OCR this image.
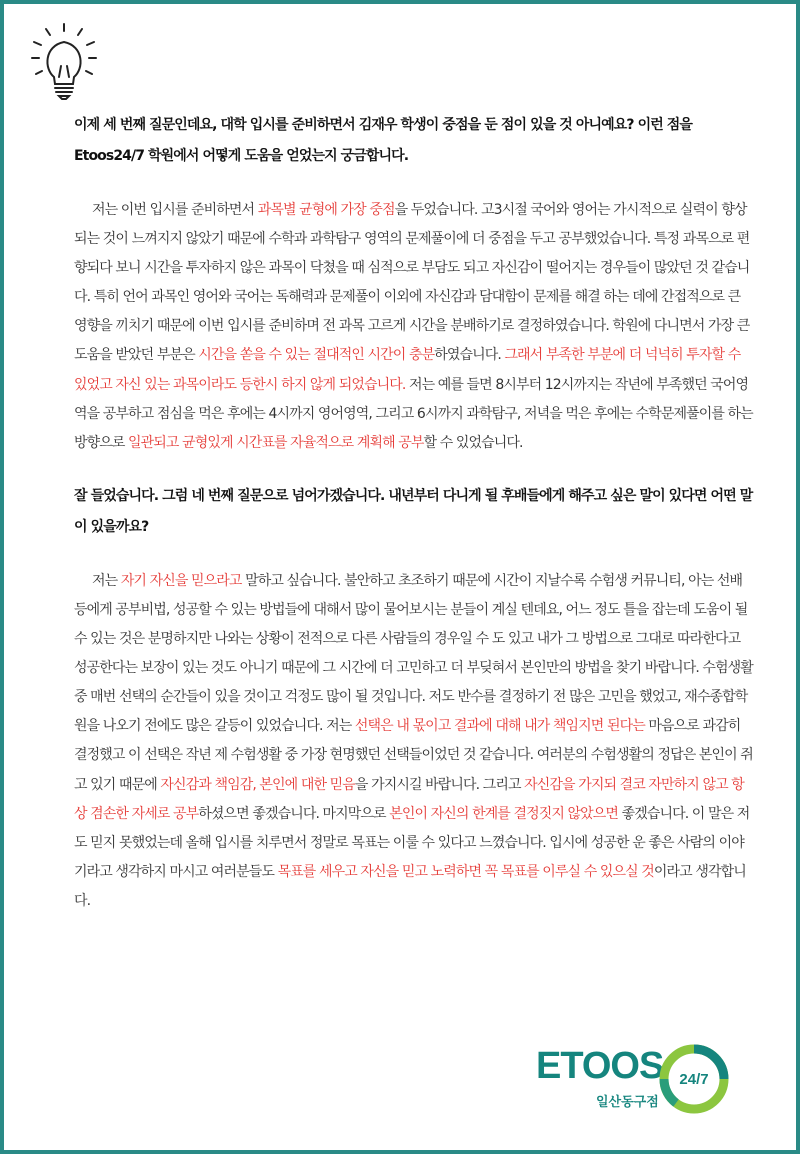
이제 세 번째 질문인데요, 대학 입시를 준비하면서 김재우 학생이 중점을 둔 점이 있을 것 아니예요? 이런 점을 Etoos24/7 학원에서 어떻게 도움을 얻었는지 궁금합니다.

저는 이번 입시를 준비하면서 과목별 균형에 가장 중점을 두었습니다. 고3시절 국어와 영어는 가시적으로 실력이 향상되는 것이 느껴지지 않았기 때문에 수학과 과학탐구 영역의 문제풀이에 더 중점을 두고 공부했었습니다. 특정 과목으로 편향되다 보니 시간을 투자하지 않은 과목이 닥쳤을 때 심적으로 부담도 되고 자신감이 떨어지는 경우들이 많았던 것 같습니다. 특히 언어 과목인 영어와 국어는 독해력과 문제풀이 이외에 자신감과 담대함이 문제를 해결 하는 데에 간접적으로 큰 영향을 끼치기 때문에 이번 입시를 준비하며 전 과목 고르게 시간을 분배하기로 결정하였습니다. 학원에 다니면서 가장 큰 도움을 받았던 부분은 시간을 쏟을 수 있는 절대적인 시간이 충분하였습니다. 그래서 부족한 부분에 더 넉넉히 투자할 수 있었고 자신 있는 과목이라도 등한시 하지 않게 되었습니다. 저는 예를 들면 8시부터 12시까지는 작년에 부족했던 국어영역을 공부하고 점심을 먹은 후에는 4시까지 영어영역, 그리고 6시까지 과학탐구, 저녁을 먹은 후에는 수학문제풀이를 하는 방향으로 일관되고 균형있게 시간표를 자율적으로 계획해 공부할 수 있었습니다.

잘 들었습니다. 그럼 네 번째 질문으로 넘어가겠습니다. 내년부터 다니게 될 후배들에게 해주고 싶은 말이 있다면 어떤 말이 있을까요?

저는 자기 자신을 믿으라고 말하고 싶습니다. 불안하고 초조하기 때문에 시간이 지날수록 수험생 커뮤니티, 아는 선배 등에게 공부비법, 성공할 수 있는 방법들에 대해서 많이 물어보시는 분들이 계실 텐데요, 어느 정도 틀을 잡는데 도움이 될 수 있는 것은 분명하지만 나와는 상황이 전적으로 다른 사람들의 경우일 수 도 있고 내가 그 방법으로 그대로 따라한다고 성공한다는 보장이 있는 것도 아니기 때문에 그 시간에 더 고민하고 더 부딪혀서 본인만의 방법을 찾기 바랍니다. 수험생활 중 매번 선택의 순간들이 있을 것이고 걱정도 많이 될 것입니다. 저도 반수를 결정하기 전 많은 고민을 했었고, 재수종합학원을 나오기 전에도 많은 갈등이 있었습니다. 저는 선택은 내 몫이고 결과에 대해 내가 책임지면 된다는 마음으로 과감히 결정했고 이 선택은 작년 제 수험생활 중 가장 현명했던 선택들이었던 것 같습니다. 여러분의 수험생활의 정답은 본인이 쥐고 있기 때문에 자신감과 책임감, 본인에 대한 믿음을 가지시길 바랍니다. 그리고 자신감을 가지되 결코 자만하지 않고 항상 겸손한 자세로 공부하셨으면 좋겠습니다. 마지막으로 본인이 자신의 한계를 결정짓지 않았으면 좋겠습니다. 이 말은 저도 믿지 못했었는데 올해 입시를 치루면서 정말로 목표는 이룰 수 있다고 느꼈습니다. 입시에 성공한 운 좋은 사람의 이야기라고 생각하지 마시고 여러분들도 목표를 세우고 자신을 믿고 노력하면 꼭 목표를 이루실 수 있으실 것이라고 생각합니다.

ETOOS
일산동구점
24/7
